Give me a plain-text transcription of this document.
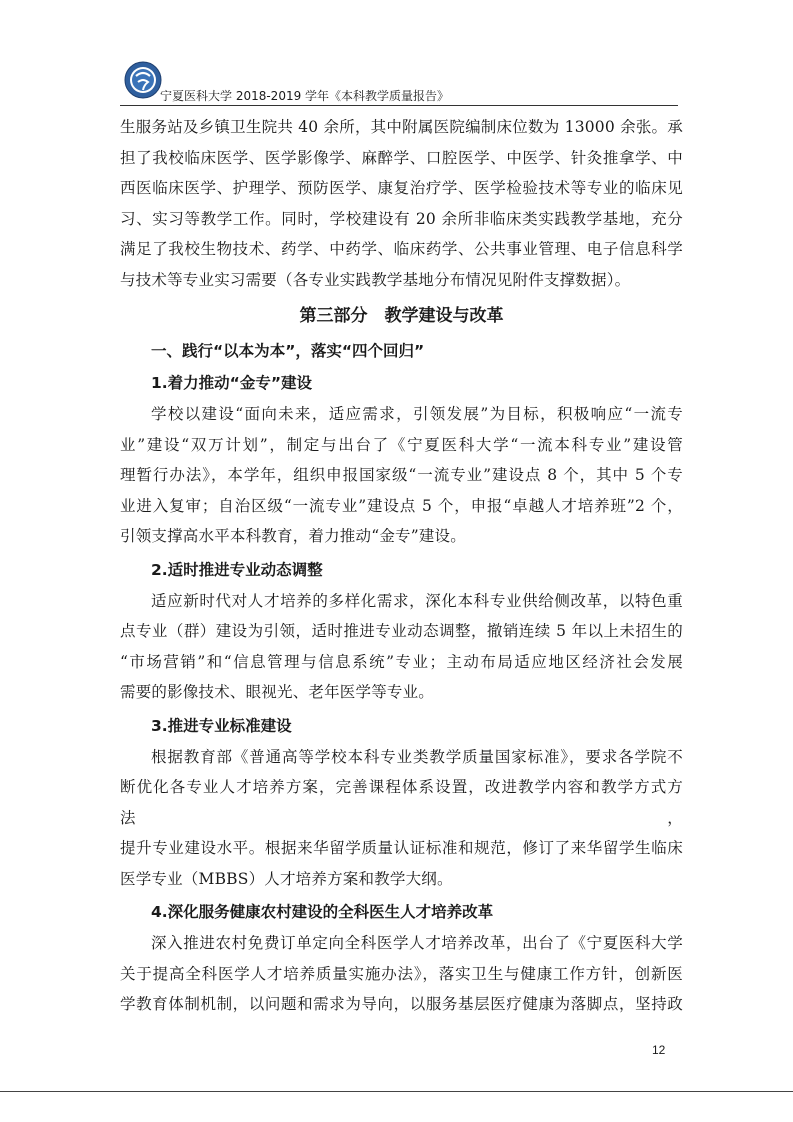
宁夏医科大学 2018-2019 学年《本科教学质量报告》

生服务站及乡镇卫生院共 40 余所，其中附属医院编制床位数为 13000 余张。承

担了我校临床医学、医学影像学、麻醉学、口腔医学、中医学、针灸推拿学、中

西医临床医学、护理学、预防医学、康复治疗学、医学检验技术等专业的临床见

习、实习等教学工作。同时，学校建设有 20 余所非临床类实践教学基地，充分

满足了我校生物技术、药学、中药学、临床药学、公共事业管理、电子信息科学

与技术等专业实习需要（各专业实践教学基地分布情况见附件支撑数据）。

第三部分　教学建设与改革
一、践行“以本为本”，落实“四个回归”
1.着力推动“金专”建设

学校以建设“面向未来，适应需求，引领发展”为目标，积极响应“一流专

业”建设“双万计划”，制定与出台了《宁夏医科大学“一流本科专业”建设管

理暂行办法》，本学年，组织申报国家级“一流专业”建设点 8 个，其中 5 个专

业进入复审；自治区级“一流专业”建设点 5 个，申报“卓越人才培养班”2 个，

引领支撑高水平本科教育，着力推动“金专”建设。

2.适时推进专业动态调整

适应新时代对人才培养的多样化需求，深化本科专业供给侧改革，以特色重

点专业（群）建设为引领，适时推进专业动态调整，撤销连续 5 年以上未招生的

“市场营销”和“信息管理与信息系统”专业；主动布局适应地区经济社会发展

需要的影像技术、眼视光、老年医学等专业。

3.推进专业标准建设

根据教育部《普通高等学校本科专业类教学质量国家标准》，要求各学院不

断优化各专业人才培养方案，完善课程体系设置，改进教学内容和教学方式方法，

提升专业建设水平。根据来华留学质量认证标准和规范，修订了来华留学生临床

医学专业（MBBS）人才培养方案和教学大纲。

4.深化服务健康农村建设的全科医生人才培养改革

深入推进农村免费订单定向全科医学人才培养改革，出台了《宁夏医科大学

关于提高全科医学人才培养质量实施办法》，落实卫生与健康工作方针，创新医

学教育体制机制，以问题和需求为导向，以服务基层医疗健康为落脚点，坚持政

12
